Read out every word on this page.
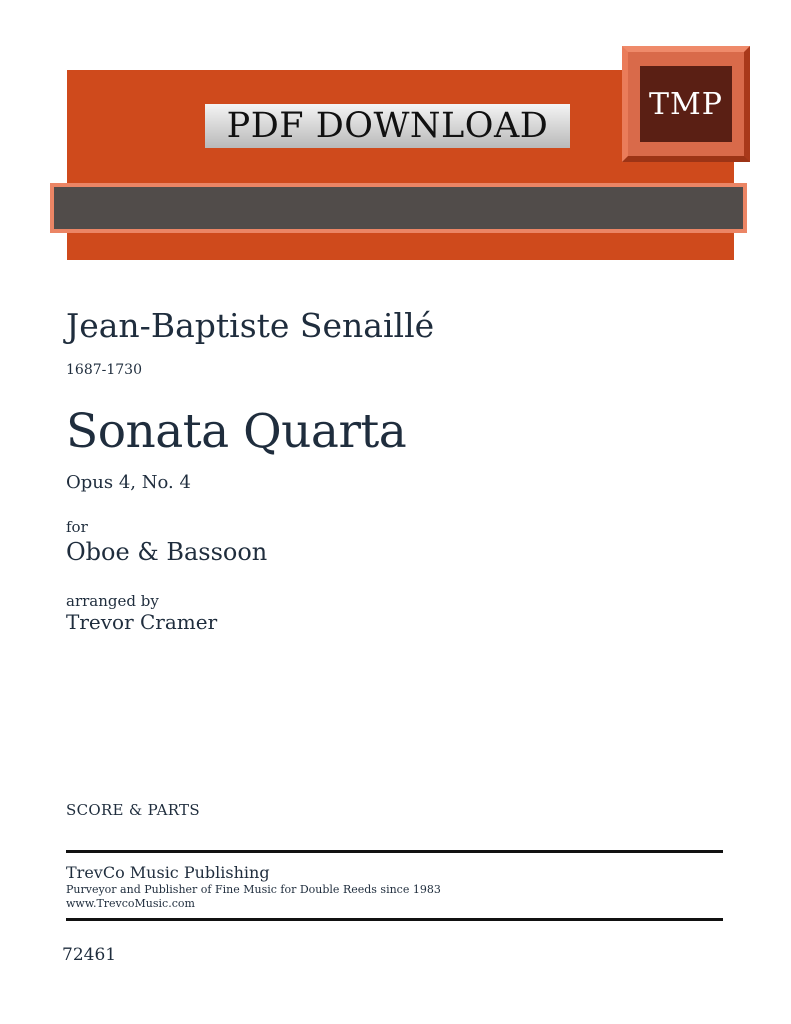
PDF DOWNLOAD
TMP
Jean-Baptiste Senaillé
1687-1730
Sonata Quarta
Opus 4, No. 4
for
Oboe & Bassoon
arranged by
Trevor Cramer
SCORE & PARTS
TrevCo Music Publishing
Purveyor and Publisher of Fine Music for Double Reeds since 1983
www.TrevcoMusic.com
72461
